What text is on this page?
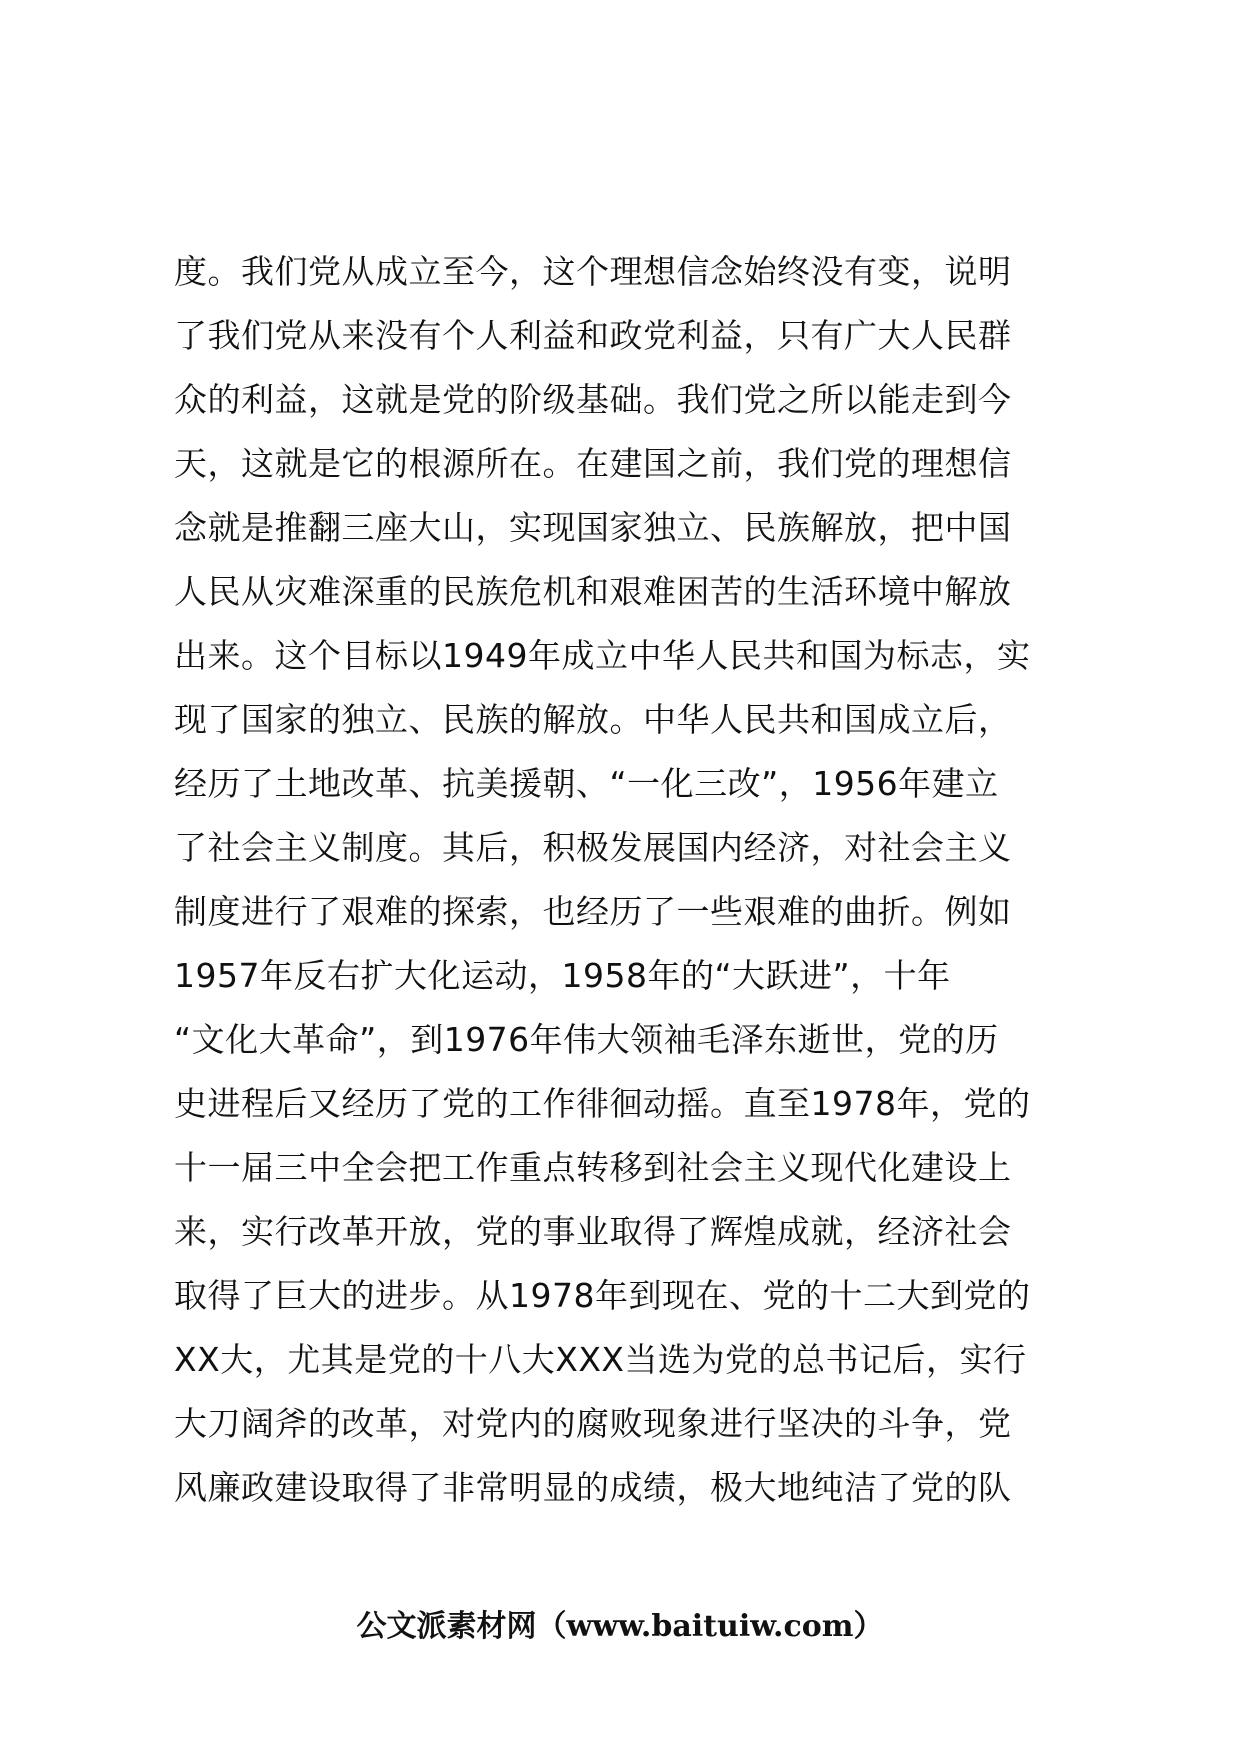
度。我们党从成立至今，这个理想信念始终没有变，说明
了我们党从来没有个人利益和政党利益，只有广大人民群
众的利益，这就是党的阶级基础。我们党之所以能走到今
天，这就是它的根源所在。在建国之前，我们党的理想信
念就是推翻三座大山，实现国家独立、民族解放，把中国
人民从灾难深重的民族危机和艰难困苦的生活环境中解放
出来。这个目标以1949年成立中华人民共和国为标志，实
现了国家的独立、民族的解放。中华人民共和国成立后，
经历了土地改革、抗美援朝、“一化三改”，1956年建立
了社会主义制度。其后，积极发展国内经济，对社会主义
制度进行了艰难的探索，也经历了一些艰难的曲折。例如
1957年反右扩大化运动，1958年的“大跃进”，十年
“文化大革命”，到1976年伟大领袖毛泽东逝世，党的历
史进程后又经历了党的工作徘徊动摇。直至1978年，党的
十一届三中全会把工作重点转移到社会主义现代化建设上
来，实行改革开放，党的事业取得了辉煌成就，经济社会
取得了巨大的进步。从1978年到现在、党的十二大到党的
XX大，尤其是党的十八大XXX当选为党的总书记后，实行
大刀阔斧的改革，对党内的腐败现象进行坚决的斗争，党
风廉政建设取得了非常明显的成绩，极大地纯洁了党的队
公文派素材网（www.baituiw.com）
